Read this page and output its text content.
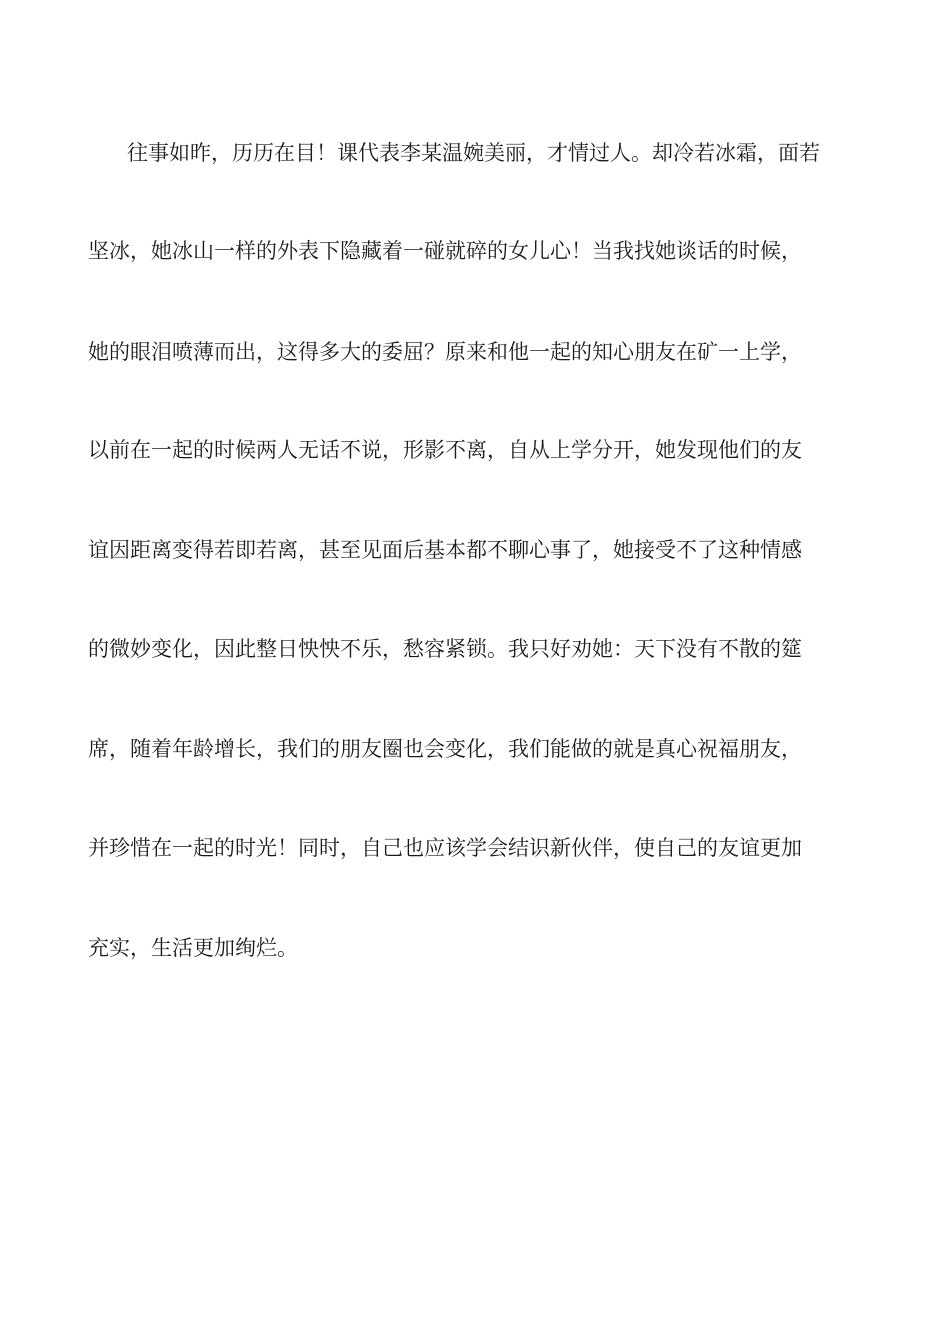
往事如昨，历历在目！课代表李某温婉美丽，才情过人。却冷若冰霜，面若
坚冰，她冰山一样的外表下隐藏着一碰就碎的女儿心！当我找她谈话的时候，
她的眼泪喷薄而出，这得多大的委屈？原来和他一起的知心朋友在矿一上学，
以前在一起的时候两人无话不说，形影不离，自从上学分开，她发现他们的友
谊因距离变得若即若离，甚至见面后基本都不聊心事了，她接受不了这种情感
的微妙变化，因此整日怏怏不乐，愁容紧锁。我只好劝她：天下没有不散的筵
席，随着年龄增长，我们的朋友圈也会变化，我们能做的就是真心祝福朋友，
并珍惜在一起的时光！同时，自己也应该学会结识新伙伴，使自己的友谊更加
充实，生活更加绚烂。
